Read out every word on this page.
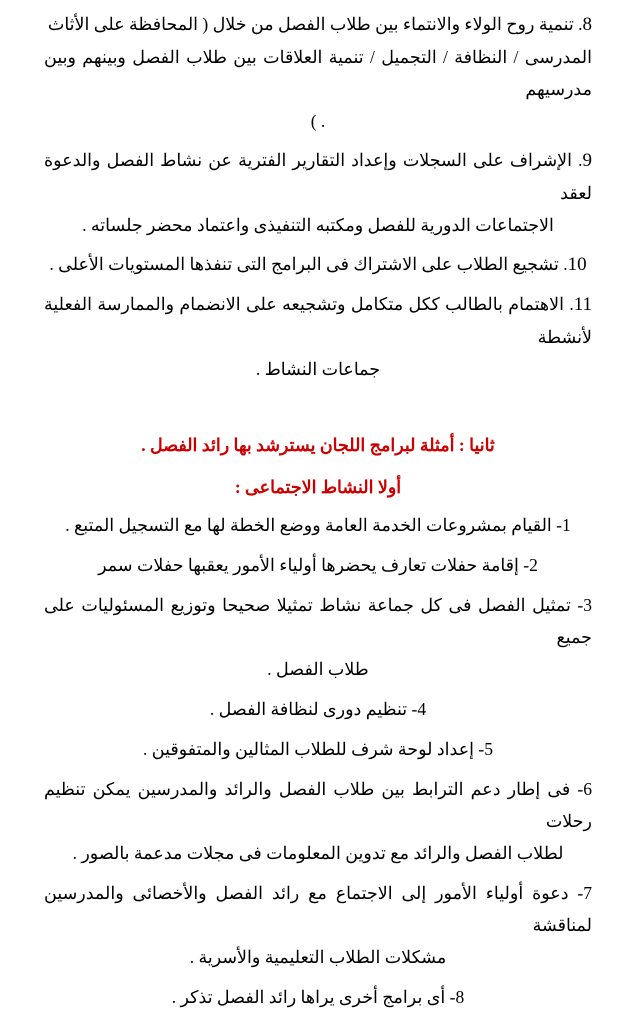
8. تنمية روح الولاء والانتماء بين طلاب الفصل من خلال ( المحافظة على الأثاث
المدرسى / النظافة / التجميل / تنمية العلاقات بين طلاب الفصل وبينهم وبين مدرسيهم
. )
9. الإشراف على السجلات وإعداد التقارير الفترية عن نشاط الفصل والدعوة لعقد
الاجتماعات الدورية للفصل ومكتبه التنفيذى واعتماد محضر جلساته .
10. تشجيع الطلاب على الاشتراك فى البرامج التى تنفذها المستويات الأعلى .
11. الاهتمام بالطالب ككل متكامل وتشجيعه على الانضمام والممارسة الفعلية لأنشطة
جماعات النشاط .
ثانيا : أمثلة لبرامج اللجان يسترشد بها رائد الفصل .
أولا النشاط الاجتماعى :
1- القيام بمشروعات الخدمة العامة ووضع الخطة لها مع التسجيل المتبع .
2- إقامة حفلات تعارف يحضرها أولياء الأمور يعقبها حفلات سمر
3- تمثيل الفصل فى كل جماعة نشاط تمثيلا صحيحا وتوزيع المسئوليات على جميع
طلاب الفصل .
4- تنظيم دورى لنظافة الفصل .
5- إعداد لوحة شرف للطلاب المثالين والمتفوقين .
6- فى إطار دعم الترابط بين طلاب الفصل والرائد والمدرسين يمكن تنظيم رحلات
لطلاب الفصل والرائد مع تدوين المعلومات فى مجلات مدعمة بالصور .
7- دعوة أولياء الأمور إلى الاجتماع مع رائد الفصل والأخصائى والمدرسين لمناقشة
مشكلات الطلاب التعليمية والأسرية .
8- أى برامج أخرى يراها رائد الفصل تذكر .
